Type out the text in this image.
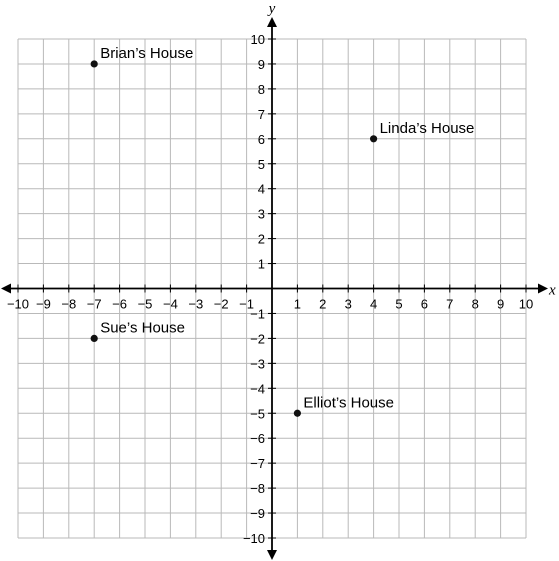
x
y
−10 −9 −8 −7 −6 −5 −4 −3 −2 −1	1 2 3 4 5 6 7 8 9 10
−10
−9
−8
−7
−6
−5
−4
−3
−2
−1
1
2
3
4
5
6
7
8
9
10
Brian’s House
Linda’s House
Sue’s House
Elliot’s House
